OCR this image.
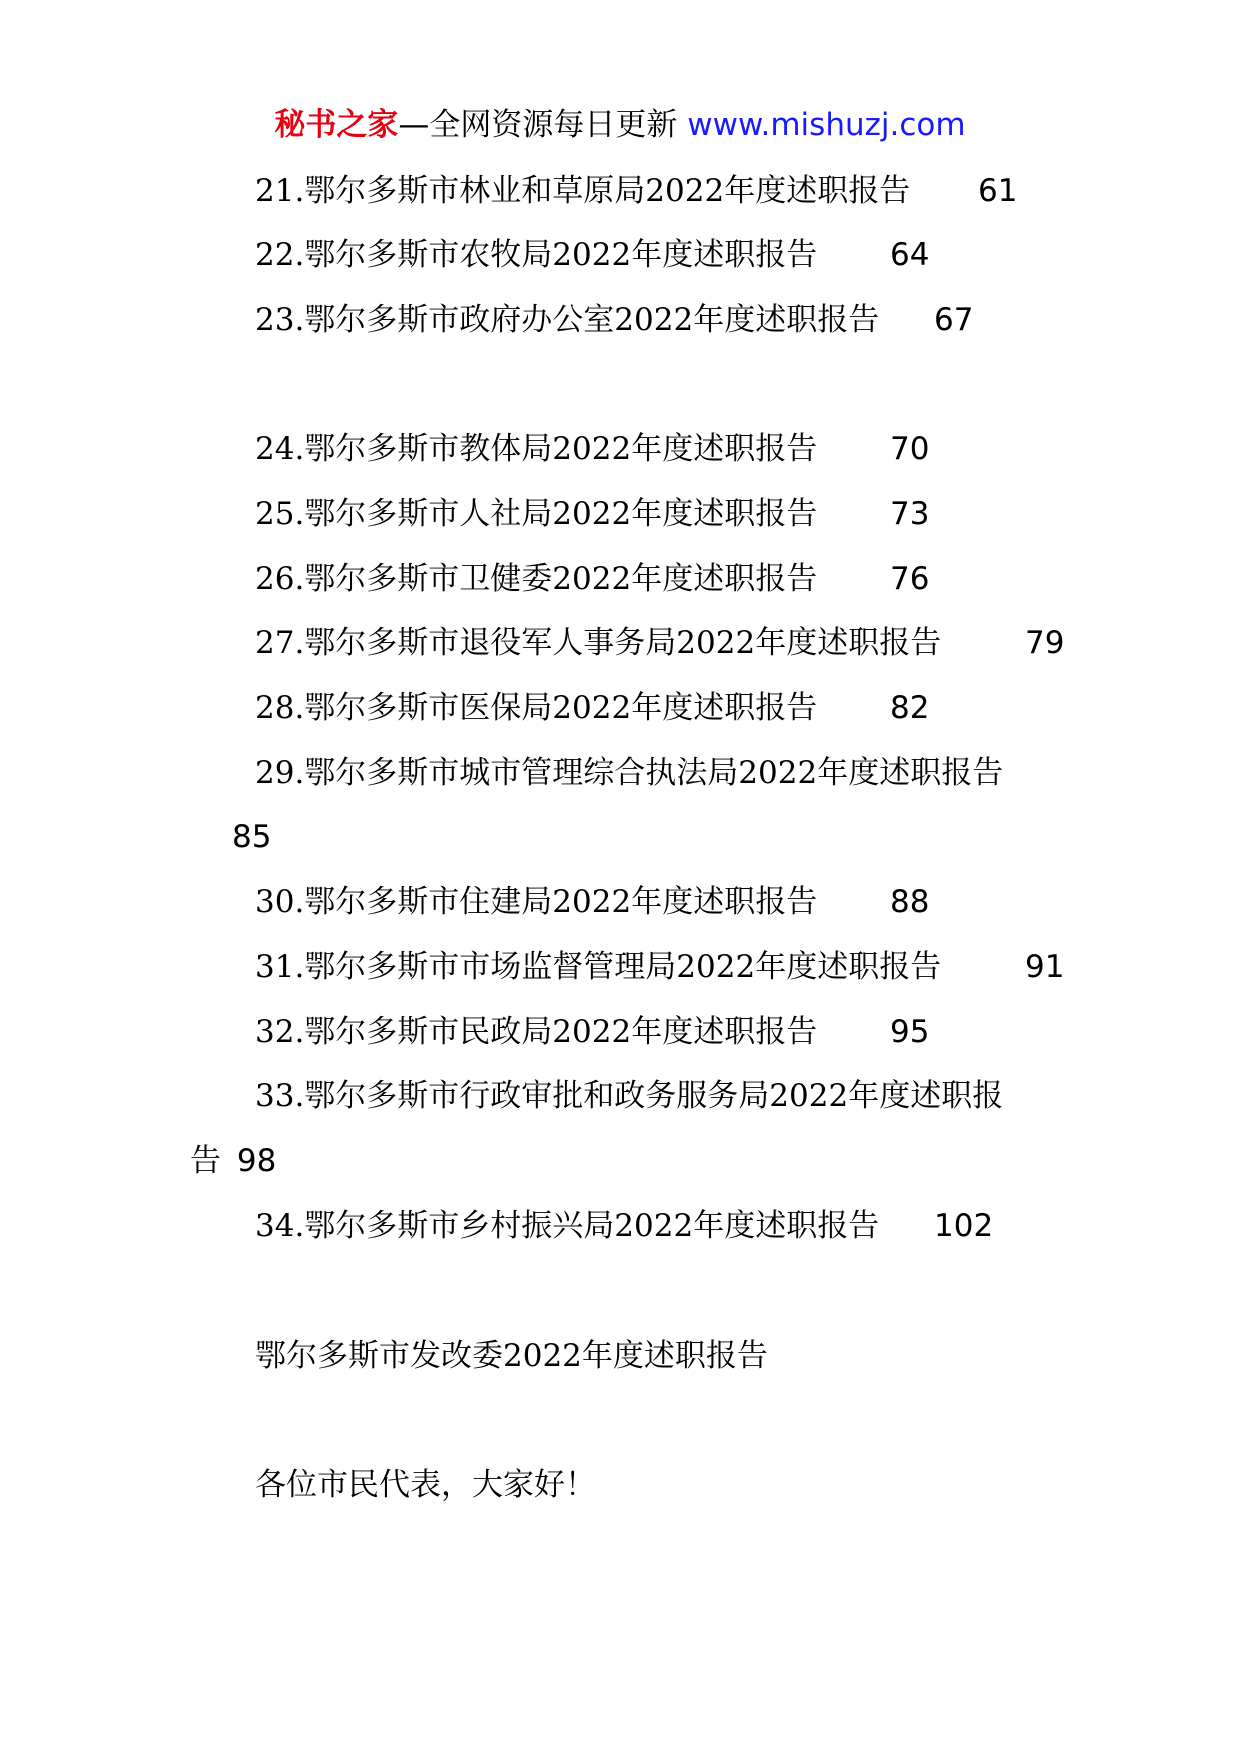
秘书之家—全网资源每日更新 www.mishuzj.com
21.鄂尔多斯市林业和草原局2022年度述职报告 61
22.鄂尔多斯市农牧局2022年度述职报告 64
23.鄂尔多斯市政府办公室2022年度述职报告 67
24.鄂尔多斯市教体局2022年度述职报告 70
25.鄂尔多斯市人社局2022年度述职报告 73
26.鄂尔多斯市卫健委2022年度述职报告 76
27.鄂尔多斯市退役军人事务局2022年度述职报告	79
28.鄂尔多斯市医保局2022年度述职报告 82
29.鄂尔多斯市城市管理综合执法局2022年度述职报告
85
30.鄂尔多斯市住建局2022年度述职报告 88
31.鄂尔多斯市市场监督管理局2022年度述职报告	91
32.鄂尔多斯市民政局2022年度述职报告 95
33.鄂尔多斯市行政审批和政务服务局2022年度述职报
告 98
34.鄂尔多斯市乡村振兴局2022年度述职报告 102
鄂尔多斯市发改委2022年度述职报告
各位市民代表，大家好！
